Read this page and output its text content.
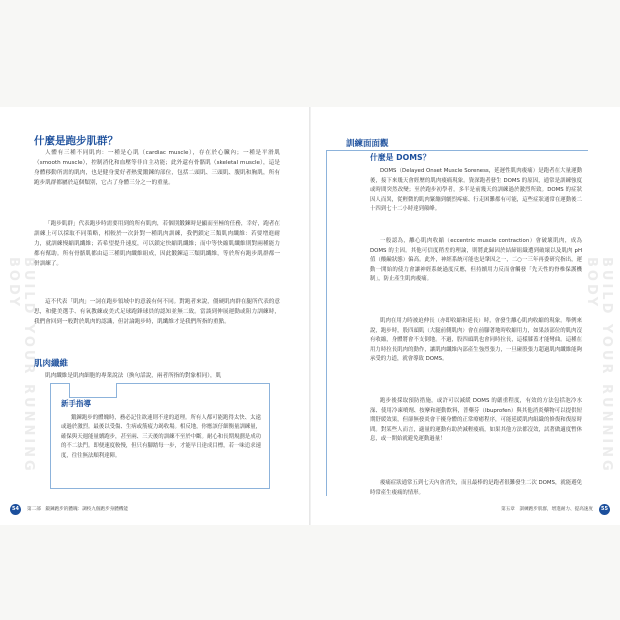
BUILD YOUR RUNNING BODY
什麼是跑步肌群？

人體有三種不同肌肉：一種是心肌（cardiac muscle），存在於心臟內；一種是平滑肌（smooth muscle），控制消化和血壓等非自主功能；此外還有骨骼肌（skeletal muscle），這是身體移動所需的肌肉，也是健身愛好者熱愛鍛鍊的部位，包括二頭肌、三頭肌、腹肌和胸肌，所有跑步肌群都屬於這個類別，它占了身體三分之一的重量。

「跑步肌群」代表跑步時需要用到的所有肌肉，若個別鍛鍊時是顯而至極的任務，幸好，跑者在訓練上可以採取不同策略，相較於一次針對一種肌肉訓練，我們鎖定三類肌肉纖維：若要增進耐力，就訓練慢縮肌纖維；若希望提升速度，可以鎖定快縮肌纖維；而中等快縮肌纖維則對兩種能力都有幫助。所有骨骼肌都由這三種肌肉纖維組成，因此鍛鍊這三類肌纖維，等於所有跑步肌群都一併訓練了。

這不代表「肌肉」一詞在跑步領域中的意義有何不同。對跑者來說，僵硬肌肉群在腿所代表的意思，和健美選手、有氧教練或美式足球跑鋒球員的認知並無二致。當談到伸展運動或阻力訓練時，我們會回到一般對於肌肉的認識，但討論跑步時，肌纖維才是我們所指的重點。

肌肉纖維

肌肉纖維是肌肉細胞的專業說法（換句話說，兩者所指的對象相同），肌

新手指導

鍛鍊跑步的體魄時，務必記住欲速則不達的道理。所有人都可能跑得太快、太遠或過於激烈。最後以受傷、生病或筋疲力竭收場。相反地，你應該仔細衡量訓練量，確保與天週能量續跑步，甚至兩、三天後的訓練不至於中斷。耐心和長期規劃是成功的不二法門。即便速度較慢，但只有腳踏每一步，才能早日達成目標，若一味追求速度，往往無法順利達陣。

54	第二部　鍛鍊跑步的體魄：調校九個跑步身體機能
BUILD YOUR RUNNING BODY
訓練面面觀
什麼是 DOMS？

DOMS（Delayed Onset Muscle Soreness，延遲性肌肉痠痛）是跑者在大量運動後，接下來幾天會經歷的肌肉痠痛現象。資深跑者發生 DOMS 的原因，通常是訓練強度或時間突然改變；至於跑步初學者，多半是前幾天的訓練過於激烈所致。DOMS 的症狀因人而異，從輕微的肌肉緊繃到劇烈疼痛、行走困難都有可能，這些症狀通常在運動後二十四到七十二小時達到顛峰。

一般認為，離心肌肉收縮（eccentric muscle contraction）會破壞肌肉，成為 DOMS 的主因。其他可信度稍差的理論，則將此歸因於結締組織遭到破壞以及肌肉 pH 值（酸鹼狀態）偏高。此外，神經系統可能也是肇因之一，二○一三年再委研究指出，運動一開始的使力會讓神經系統過度反應，但持續用力反而會觸發「先天性的脊椎保護機制」，防止產生肌肉痠痛。

肌肉在用力時被迫伸長（亦即收縮和延長）時，會發生離心肌肉收縮的現象。舉例來說，跑步時，股四頭肌（大腿前側肌肉）會在前腳著地時收縮用力，如果該部位的肌肉沒有收縮，身體將會不支倒地。不過，股四頭肌也會同時拉長，這樣膝蓋才能彎曲。這種在用力時拉長肌肉的動作，讓肌肉纖維內部產生強烈張力，一旦碰股張力超過肌肉纖維能夠承受的力道，就會導致 DOMS。

跑步後採取預防措施，或許可以減緩 DOMS 的嚴重程度，有效的方法包括泡冷水澡、使用冷凍噴劑、按摩和運動飲料，普藥芬（Ibuprofen）與其他消炎藥物可以提供短期舒緩效果，但卻無發炎會干擾身體的正常療癒程序，可能延緩肌肉組織的修復和復原時間。對某些人而言，適量的運動有助於減輕痠痛，如果其他方法都沒效，試著做適度暫休息，或一開始就避免運動過量！

痠痛症狀通常五到七天內會消失，而且最棒的是跑者很難發生二次 DOMS，就能避免時常產生痠痛的情形。

第五章　訓練跑步肌群，增進耐力、提高速度	55
